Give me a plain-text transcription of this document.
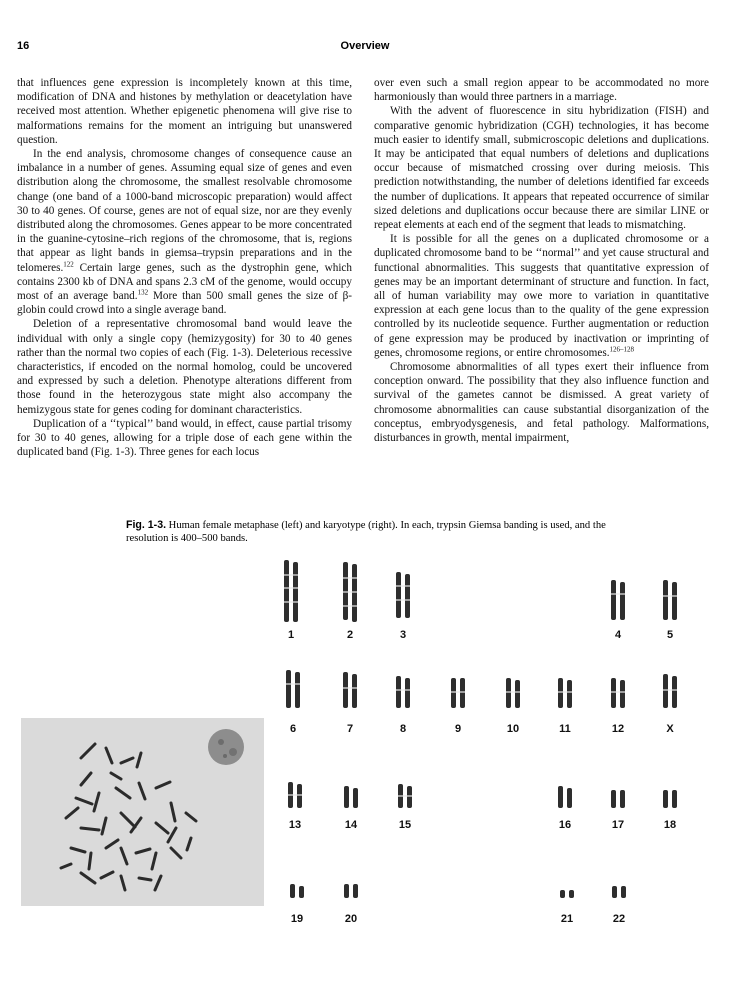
16	Overview

that influences gene expression is incompletely known at this time, modification of DNA and histones by methylation or deacetylation have received most attention. Whether epigenetic phenomena will give rise to malformations remains for the moment an intriguing but unanswered question.

In the end analysis, chromosome changes of consequence cause an imbalance in a number of genes. Assuming equal size of genes and even distribution along the chromosome, the smallest resolvable chromosome change (one band of a 1000-band microscopic preparation) would affect 30 to 40 genes. Of course, genes are not of equal size, nor are they evenly distributed along the chromosomes. Genes appear to be more concentrated in the guanine-cytosine–rich regions of the chromosome, that is, regions that appear as light bands in giemsa–trypsin preparations and in the telomeres.$^{122}$ Certain large genes, such as the dystrophin gene, which contains 2300 kb of DNA and spans 2.3 cM of the genome, would occupy most of an average band.$^{132}$ More than 500 small genes the size of β-globin could crowd into a single average band.

Deletion of a representative chromosomal band would leave the individual with only a single copy (hemizygosity) for 30 to 40 genes rather than the normal two copies of each (Fig. 1-3). Deleterious recessive characteristics, if encoded on the normal homolog, could be uncovered and expressed by such a deletion. Phenotype alterations different from those found in the heterozygous state might also accompany the hemizygous state for genes coding for dominant characteristics.

Duplication of a ‘‘typical’’ band would, in effect, cause partial trisomy for 30 to 40 genes, allowing for a triple dose of each gene within the duplicated band (Fig. 1-3). Three genes for each locus

over even such a small region appear to be accommodated no more harmoniously than would three partners in a marriage.

With the advent of fluorescence in situ hybridization (FISH) and comparative genomic hybridization (CGH) technologies, it has become much easier to identify small, submicroscopic deletions and duplications. It may be anticipated that equal numbers of deletions and duplications occur because of mismatched crossing over during meiosis. This prediction notwithstanding, the number of deletions identified far exceeds the number of duplications. It appears that repeated occurrence of similar sized deletions and duplications occur because there are similar LINE or repeat elements at each end of the segment that leads to mismatching.

It is possible for all the genes on a duplicated chromosome or a duplicated chromosome band to be ‘‘normal’’ and yet cause structural and functional abnormalities. This suggests that quantitative expression of genes may be an important determinant of structure and function. In fact, all of human variability may owe more to variation in quantitative expression at each gene locus than to the quality of the gene expression controlled by its nucleotide sequence. Further augmentation or reduction of gene expression may be produced by inactivation or imprinting of genes, chromosome regions, or entire chromosomes.$^{126-128}$

Chromosome abnormalities of all types exert their influence from conception onward. The possibility that they also influence function and survival of the gametes cannot be dismissed. A great variety of chromosome abnormalities can cause substantial disorganization of the conceptus, embryodysgenesis, and fetal pathology. Malformations, disturbances in growth, mental impairment,

Fig. 1-3. Human female metaphase (left) and karyotype (right). In each, trypsin Giemsa banding is used, and the resolution is 400–500 bands.
1	2	3	4	5
6	7	8	9	10	11	12	X
13	14	15	16	17	18
19	20	21	22
